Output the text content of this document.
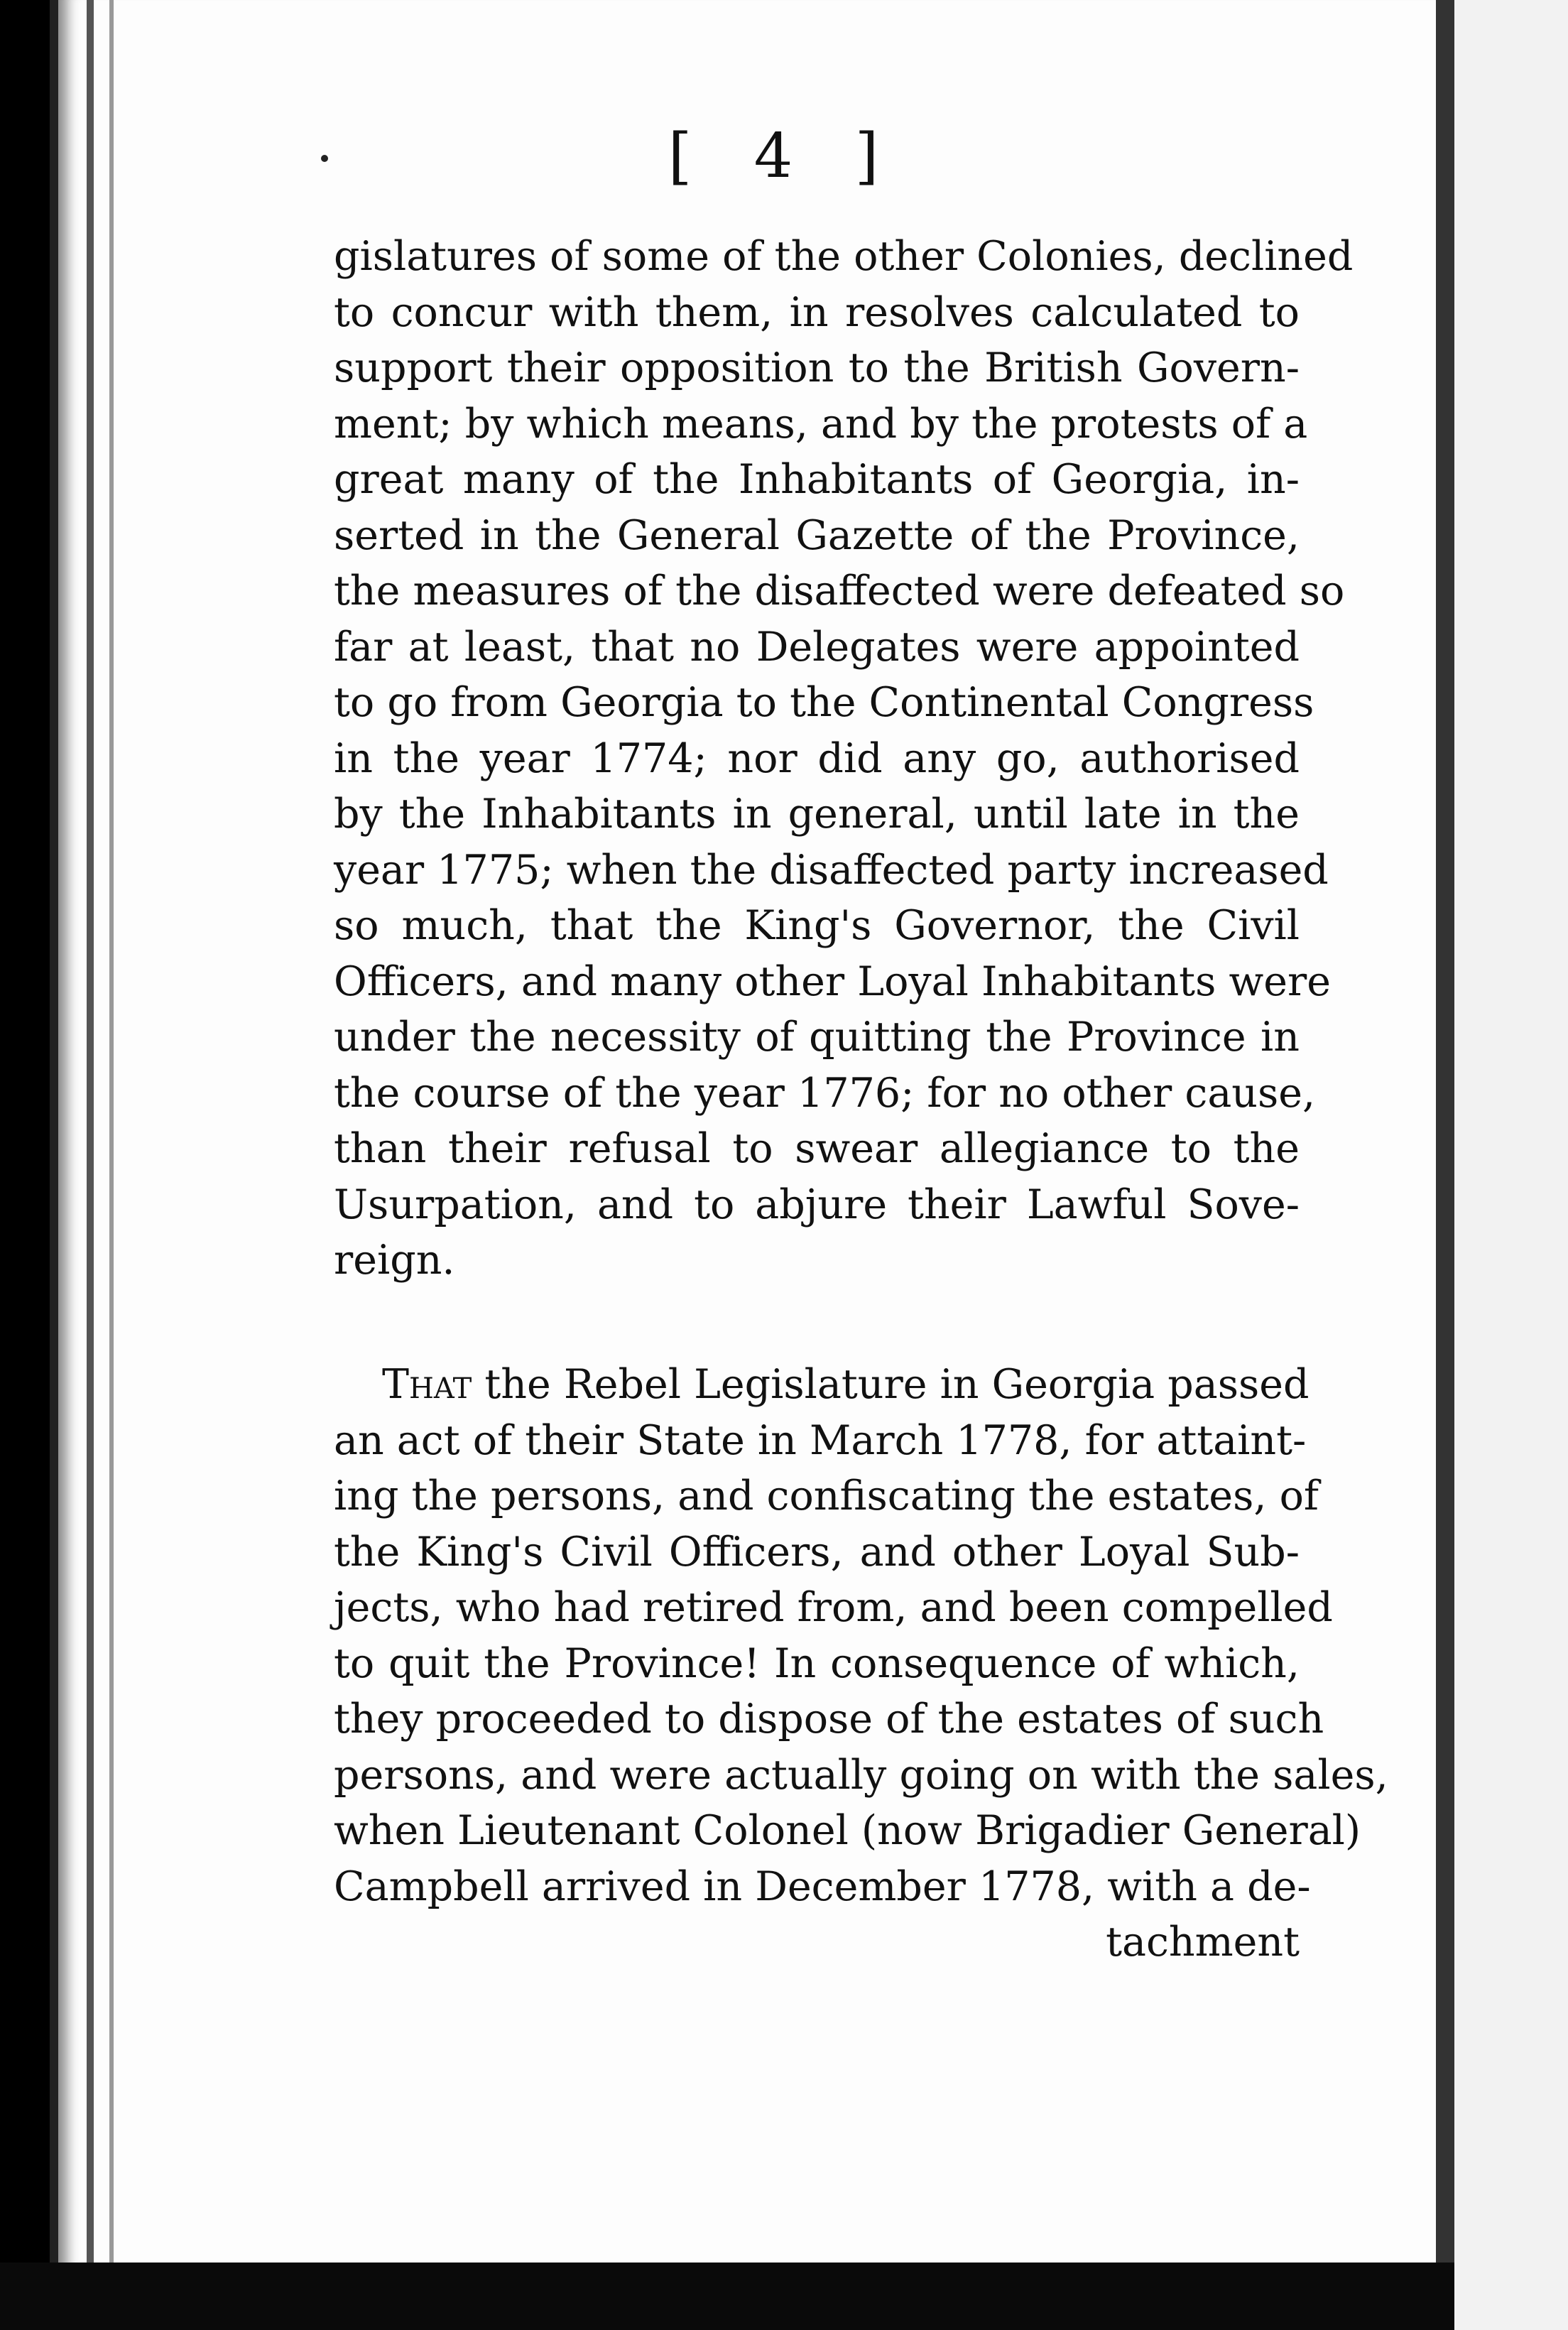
[ 4 ]
gislatures of some of the other Colonies, declined
to concur with them, in resolves calculated to
support their opposition to the British Govern-
ment; by which means, and by the protests of a
great many of the Inhabitants of Georgia, in-
serted in the General Gazette of the Province,
the measures of the disaffected were defeated so
far at least, that no Delegates were appointed
to go from Georgia to the Continental Congress
in the year 1774; nor did any go, authorised
by the Inhabitants in general, until late in the
year 1775; when the disaffected party increased
so much, that the King's Governor, the Civil
Officers, and many other Loyal Inhabitants were
under the necessity of quitting the Province in
the course of the year 1776; for no other cause,
than their refusal to swear allegiance to the
Usurpation, and to abjure their Lawful Sove-
reign.
That the Rebel Legislature in Georgia passed
an act of their State in March 1778, for attaint-
ing the persons, and confiscating the estates, of
the King's Civil Officers, and other Loyal Sub-
jects, who had retired from, and been compelled
to quit the Province! In consequence of which,
they proceeded to dispose of the estates of such
persons, and were actually going on with the sales,
when Lieutenant Colonel (now Brigadier General)
Campbell arrived in December 1778, with a de-
tachment
